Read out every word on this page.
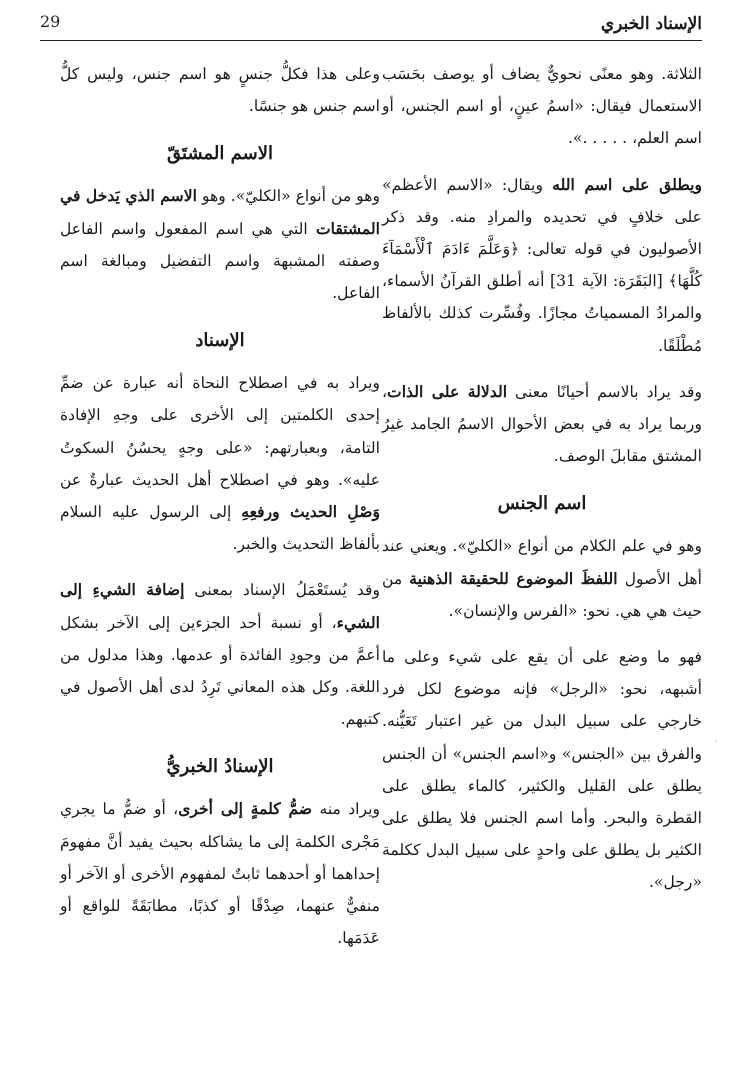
الإسناد الخبري
29

الثلاثة. وهو معنًى نحويٌّ يضاف أو يوصف بحَسَب الاستعمال فيقال: «اسمُ عينٍ، أو اسم الجنس، أو اسم العلم، . . . . .».

ويطلق على اسم الله ويقال: «الاسم الأعظم» على خلافٍ في تحديده والمرادِ منه. وقد ذكر الأصوليون في قوله تعالى: ﴿وَعَلَّمَ ءَادَمَ ٱلْأَسْمَآءَ كُلَّهَا﴾ [البَقَرَة: الآية 31] أنه أطلق القرآنُ الأسماء، والمرادُ المسمياتُ مجازًا. وفُسِّرت كذلك بالألفاظ مُطْلَقًا.

وقد يراد بالاسم أحيانًا معنى الدلالة على الذات، وربما يراد به في بعض الأحوال الاسمُ الجامد غيرُ المشتق مقابلَ الوصف.

اسم الجنس

وهو في علم الكلام من أنواع «الكليّ». ويعني عند أهل الأصول اللفظَ الموضوع للحقيقة الذهنية من حيث هي هي. نحو: «الفرس والإنسان».

فهو ما وضع على أن يقع على شيء وعلى ما أشبهه، نحو: «الرجل» فإنه موضوع لكل فرد خارجي على سبيل البدل من غير اعتبار تَعَيُّنه. والفرق بين «الجنس» و«اسم الجنس» أن الجنس يطلق على القليل والكثير، كالماء يطلق على القطرة والبحر. وأما اسم الجنس فلا يطلق على الكثير بل يطلق على واحدٍ على سبيل البدل ككلمة «رجل».

وعلى هذا فكلُّ جنسٍ هو اسم جنس، وليس كلُّ اسم جنس هو جنسًا.

الاسم المشتَقّ

وهو من أنواع «الكليّ». وهو الاسم الذي يَدخل في المشتقات التي هي اسم المفعول واسم الفاعل وصفته المشبهة واسم التفضيل ومبالغة اسم الفاعل.

الإسناد

ويراد به في اصطلاح النحاة أنه عبارة عن ضمِّ إحدى الكلمتين إلى الأخرى على وجهِ الإفادة التامة، وبعبارتهم: «على وجهٍ يحسُنُ السكوتُ عليه». وهو في اصطلاح أهل الحديث عبارةٌ عن وَصْلِ الحديث ورفعِهِ إلى الرسول عليه السلام بألفاظ التحديث والخبر.

وقد يُستَعْمَلُ الإسناد بمعنى إضافة الشيءِ إلى الشيء، أو نسبة أحد الجزءين إلى الآخر بشكل أعمَّ من وجودِ الفائدة أو عدمها. وهذا مدلول من اللغة. وكل هذه المعاني تَرِدُ لدى أهل الأصول في كتبهم.

الإسنادُ الخبريُّ

ويراد منه ضمُّ كلمةٍ إلى أخرى، أو ضمُّ ما يجري مَجْرى الكلمة إلى ما يشاكله بحيث يفيد أنَّ مفهومَ إحداهما أو أحدهما ثابتٌ لمفهوم الأخرى أو الآخر أو منفيٌّ عنهما، صِدْقًا أو كذبًا، مطابَقَةً للواقع أو عَدَمَها.

·
